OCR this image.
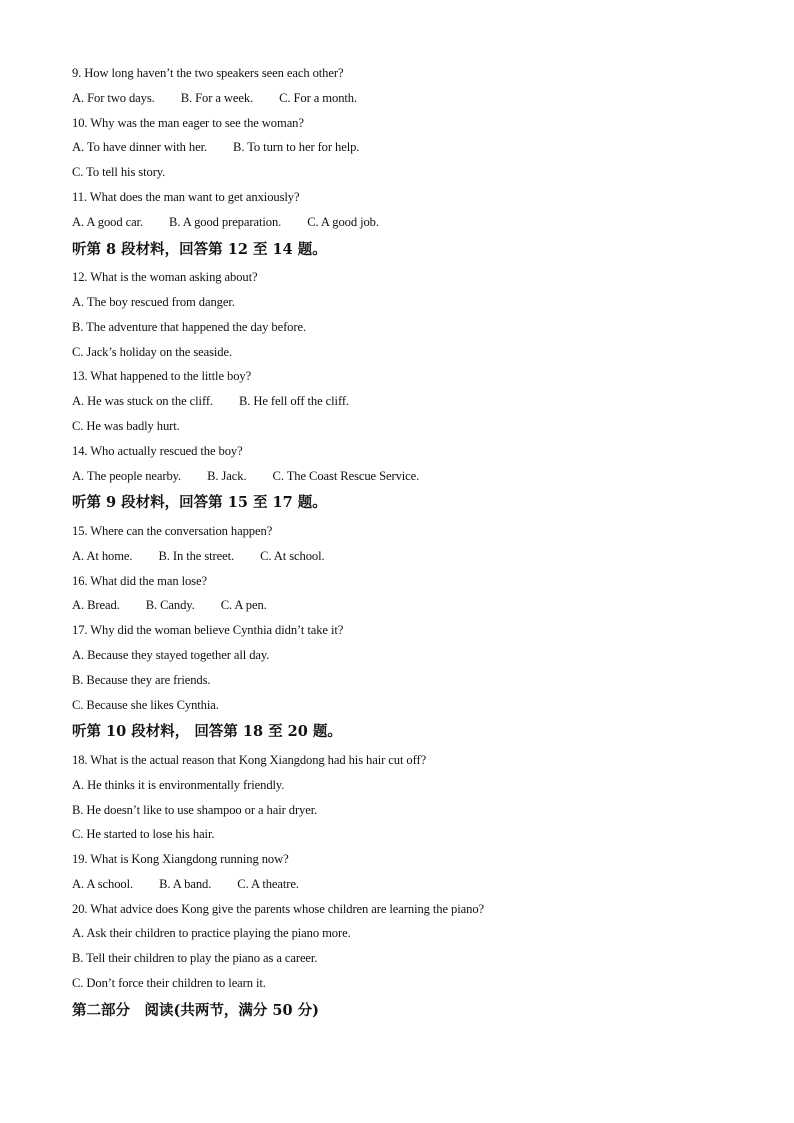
9. How long haven’t the two speakers seen each other?
A. For two days. B. For a week. C. For a month.
10. Why was the man eager to see the woman?
A. To have dinner with her. B. To turn to her for help.
C. To tell his story.
11. What does the man want to get anxiously?
A. A good car. B. A good preparation. C. A good job.
听第 8 段材料，回答第 12 至 14 题。
12. What is the woman asking about?
A. The boy rescued from danger.
B. The adventure that happened the day before.
C. Jack’s holiday on the seaside.
13. What happened to the little boy?
A. He was stuck on the cliff. B. He fell off the cliff.
C. He was badly hurt.
14. Who actually rescued the boy?
A. The people nearby. B. Jack. C. The Coast Rescue Service.
听第 9 段材料，回答第 15 至 17 题。
15. Where can the conversation happen?
A. At home. B. In the street. C. At school.
16. What did the man lose?
A. Bread. B. Candy. C. A pen.
17. Why did the woman believe Cynthia didn’t take it?
A. Because they stayed together all day.
B. Because they are friends.
C. Because she likes Cynthia.
听第 10 段材料， 回答第 18 至 20 题。
18. What is the actual reason that Kong Xiangdong had his hair cut off?
A. He thinks it is environmentally friendly.
B. He doesn’t like to use shampoo or a hair dryer.
C. He started to lose his hair.
19. What is Kong Xiangdong running now?
A. A school. B. A band. C. A theatre.
20. What advice does Kong give the parents whose children are learning the piano?
A. Ask their children to practice playing the piano more.
B. Tell their children to play the piano as a career.
C. Don’t force their children to learn it.
第二部分　阅读(共两节，满分 50 分)
